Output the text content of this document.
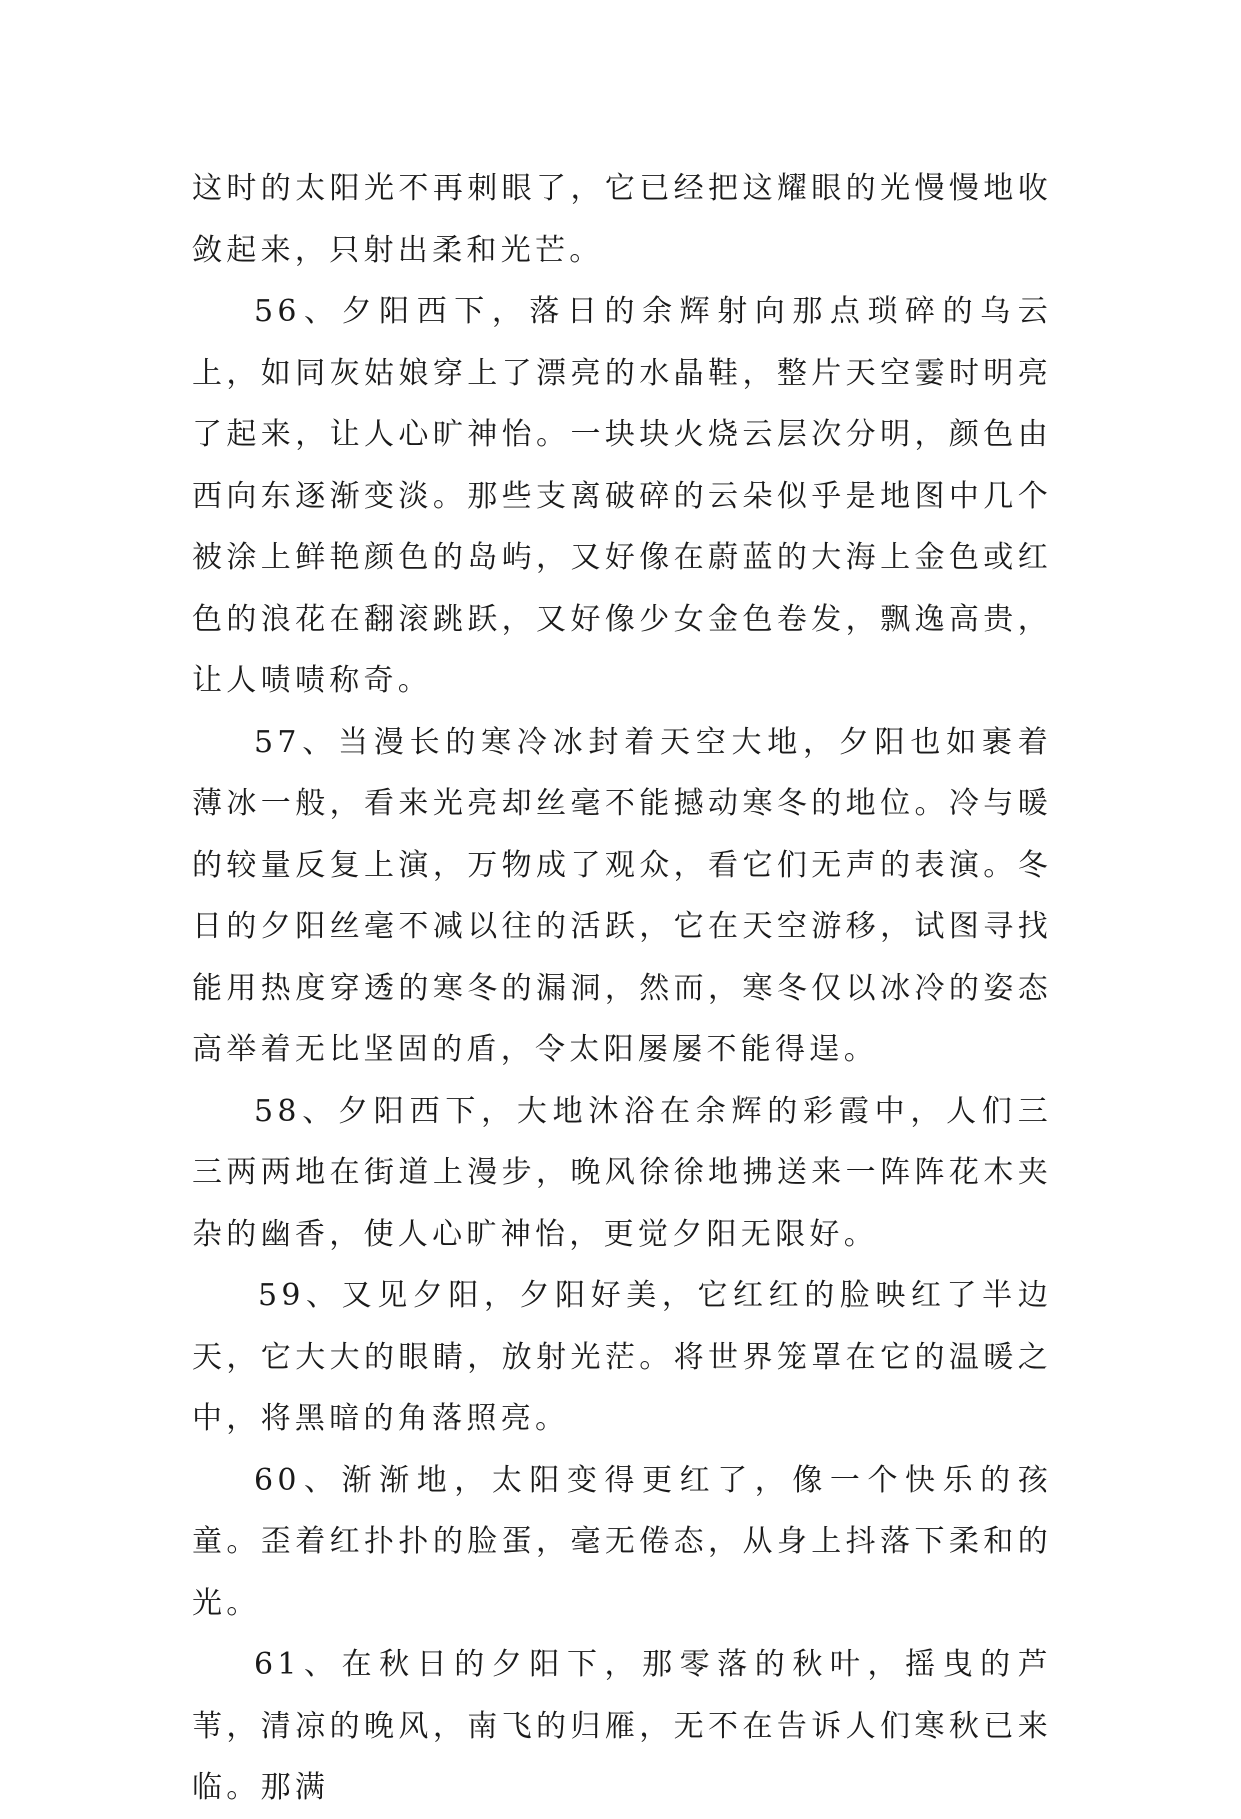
这时的太阳光不再刺眼了，它已经把这耀眼的光慢慢地收敛起来，只射出柔和光芒。

56、夕阳西下，落日的余辉射向那点琐碎的乌云上，如同灰姑娘穿上了漂亮的水晶鞋，整片天空霎时明亮了起来，让人心旷神怡。一块块火烧云层次分明，颜色由西向东逐渐变淡。那些支离破碎的云朵似乎是地图中几个被涂上鲜艳颜色的岛屿，又好像在蔚蓝的大海上金色或红色的浪花在翻滚跳跃，又好像少女金色卷发，飘逸高贵，让人啧啧称奇。

57、当漫长的寒冷冰封着天空大地，夕阳也如裹着薄冰一般，看来光亮却丝毫不能撼动寒冬的地位。冷与暖的较量反复上演，万物成了观众，看它们无声的表演。冬日的夕阳丝毫不减以往的活跃，它在天空游移，试图寻找能用热度穿透的寒冬的漏洞，然而，寒冬仅以冰冷的姿态高举着无比坚固的盾，令太阳屡屡不能得逞。

58、夕阳西下，大地沐浴在余辉的彩霞中，人们三三两两地在街道上漫步，晚风徐徐地拂送来一阵阵花木夹杂的幽香，使人心旷神怡，更觉夕阳无限好。

59、又见夕阳，夕阳好美，它红红的脸映红了半边天，它大大的眼睛，放射光茫。将世界笼罩在它的温暖之中，将黑暗的角落照亮。

60、渐渐地，太阳变得更红了，像一个快乐的孩童。歪着红扑扑的脸蛋，毫无倦态，从身上抖落下柔和的光。

61、在秋日的夕阳下，那零落的秋叶，摇曳的芦苇，清凉的晚风，南飞的归雁，无不在告诉人们寒秋已来临。那满
